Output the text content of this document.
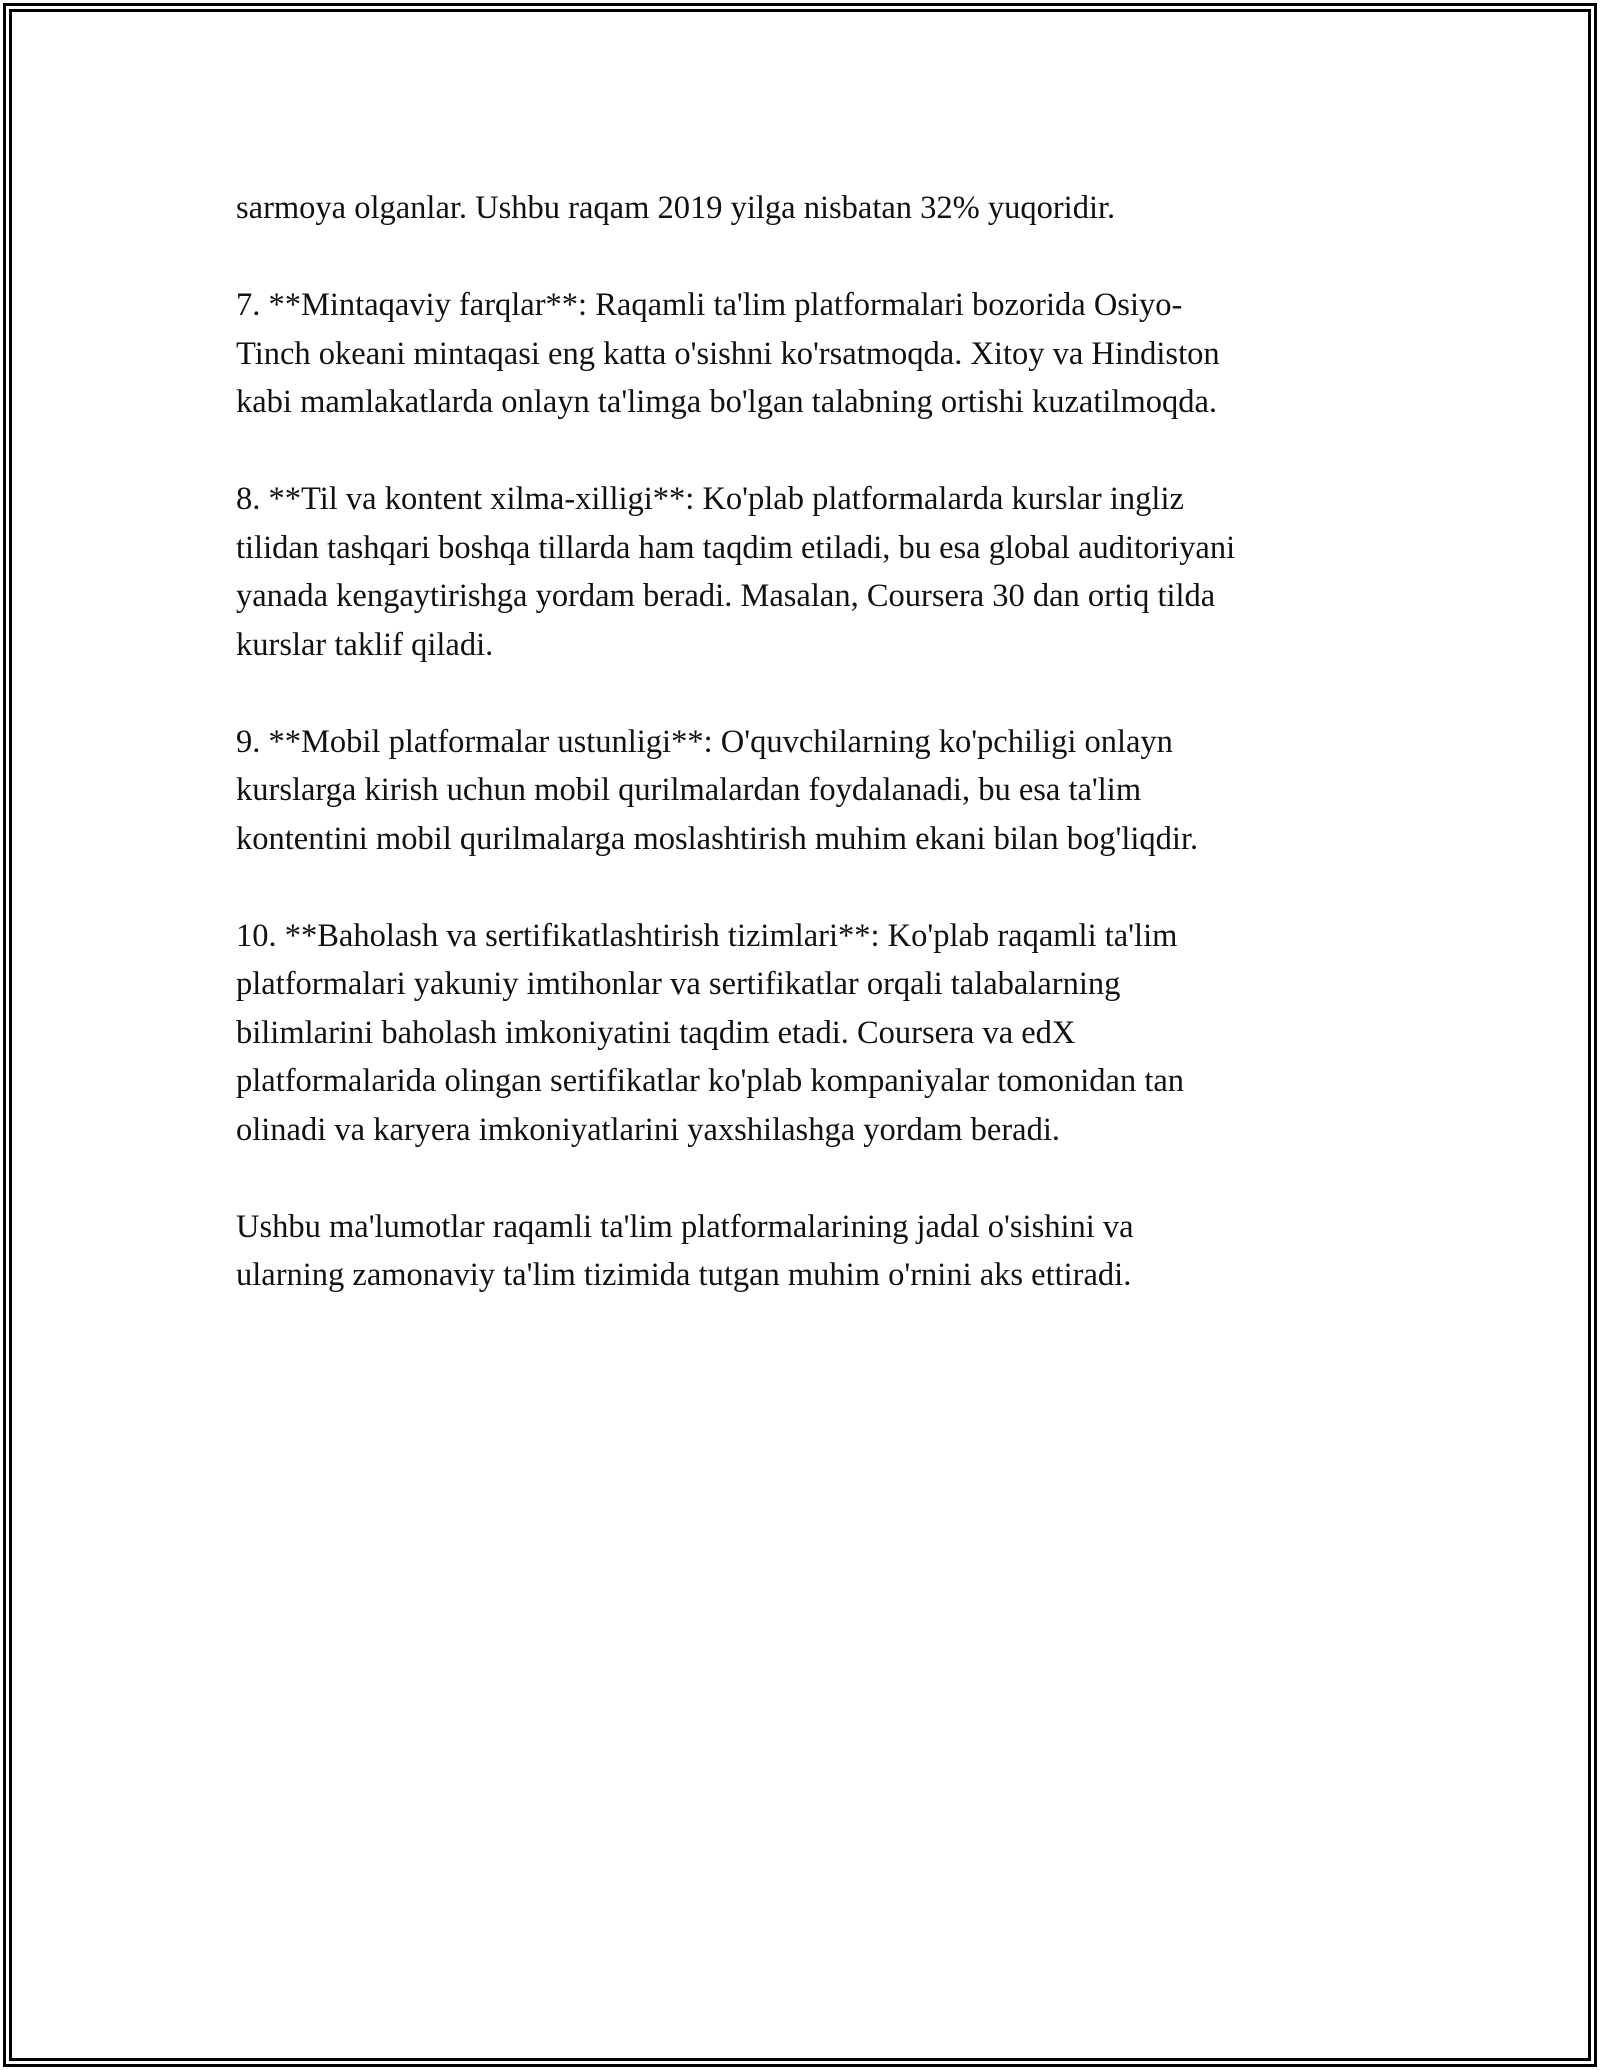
sarmoya olganlar. Ushbu raqam 2019 yilga nisbatan 32% yuqoridir.

7. **Mintaqaviy farqlar**: Raqamli ta'lim platformalari bozorida Osiyo-
Tinch okeani mintaqasi eng katta o'sishni ko'rsatmoqda. Xitoy va Hindiston
kabi mamlakatlarda onlayn ta'limga bo'lgan talabning ortishi kuzatilmoqda.

8. **Til va kontent xilma-xilligi**: Ko'plab platformalarda kurslar ingliz
tilidan tashqari boshqa tillarda ham taqdim etiladi, bu esa global auditoriyani
yanada kengaytirishga yordam beradi. Masalan, Coursera 30 dan ortiq tilda
kurslar taklif qiladi.

9. **Mobil platformalar ustunligi**: O'quvchilarning ko'pchiligi onlayn
kurslarga kirish uchun mobil qurilmalardan foydalanadi, bu esa ta'lim
kontentini mobil qurilmalarga moslashtirish muhim ekani bilan bog'liqdir.

10. **Baholash va sertifikatlashtirish tizimlari**: Ko'plab raqamli ta'lim
platformalari yakuniy imtihonlar va sertifikatlar orqali talabalarning
bilimlarini baholash imkoniyatini taqdim etadi. Coursera va edX
platformalarida olingan sertifikatlar ko'plab kompaniyalar tomonidan tan
olinadi va karyera imkoniyatlarini yaxshilashga yordam beradi.

Ushbu ma'lumotlar raqamli ta'lim platformalarining jadal o'sishini va
ularning zamonaviy ta'lim tizimida tutgan muhim o'rnini aks ettiradi.
